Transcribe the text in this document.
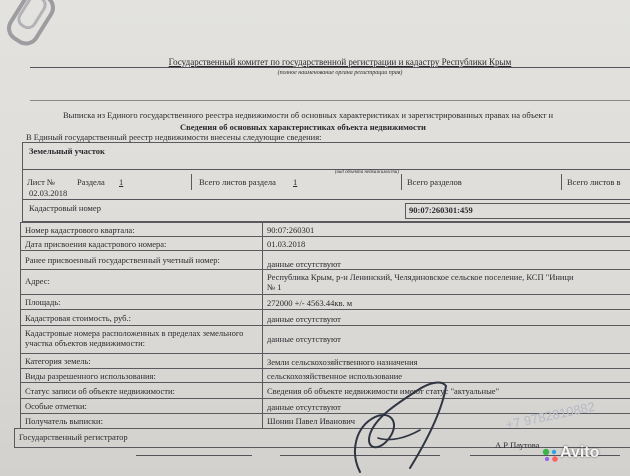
Государственный комитет по государственной регистрации и кадастру Республики Крым
(полное наименование органа регистрации прав)
Выписка из Единого государственного реестра недвижимости об основных характеристиках и зарегистрированных правах на объект н
Сведения об основных характеристиках объекта недвижимости
В Единый государственный реестр недвижимости внесены следующие сведения:
Земельный участок
(вид объекта недвижимости)
Лист №	Раздела 1	Всего листов раздела 1	Всего разделов	Всего листов в
02.03.2018
Кадастровый номер	90:07:260301:459
Номер кадастрового квартала:	90:07:260301
Дата присвоения кадастрового номера:	01.03.2018
Ранее присвоенный государственный учетный номер:	данные отсутствуют
Адрес:	Республика Крым, р-н Ленинский, Челядиновское сельское поселение, КСП "Иници
№ 1
Площадь:	272000 +/- 4563.44кв. м
Кадастровая стоимость, руб.:	данные отсутствуют
Кадастровые номера расположенных в пределах земельного участка объектов недвижимости:	данные отсутствуют
Категория земель:	Земли сельскохозяйственного назначения
Виды разрешенного использования:	сельскохозяйственное использование
Статус записи об объекте недвижимости:	Сведения об объекте недвижимости имеют статус "актуальные"
Особые отметки:	данные отсутствуют
Получатель выписки:	Шонин Павел Иванович
Государственный регистратор
А.Р Паутова
+7 9782810882
Avito
